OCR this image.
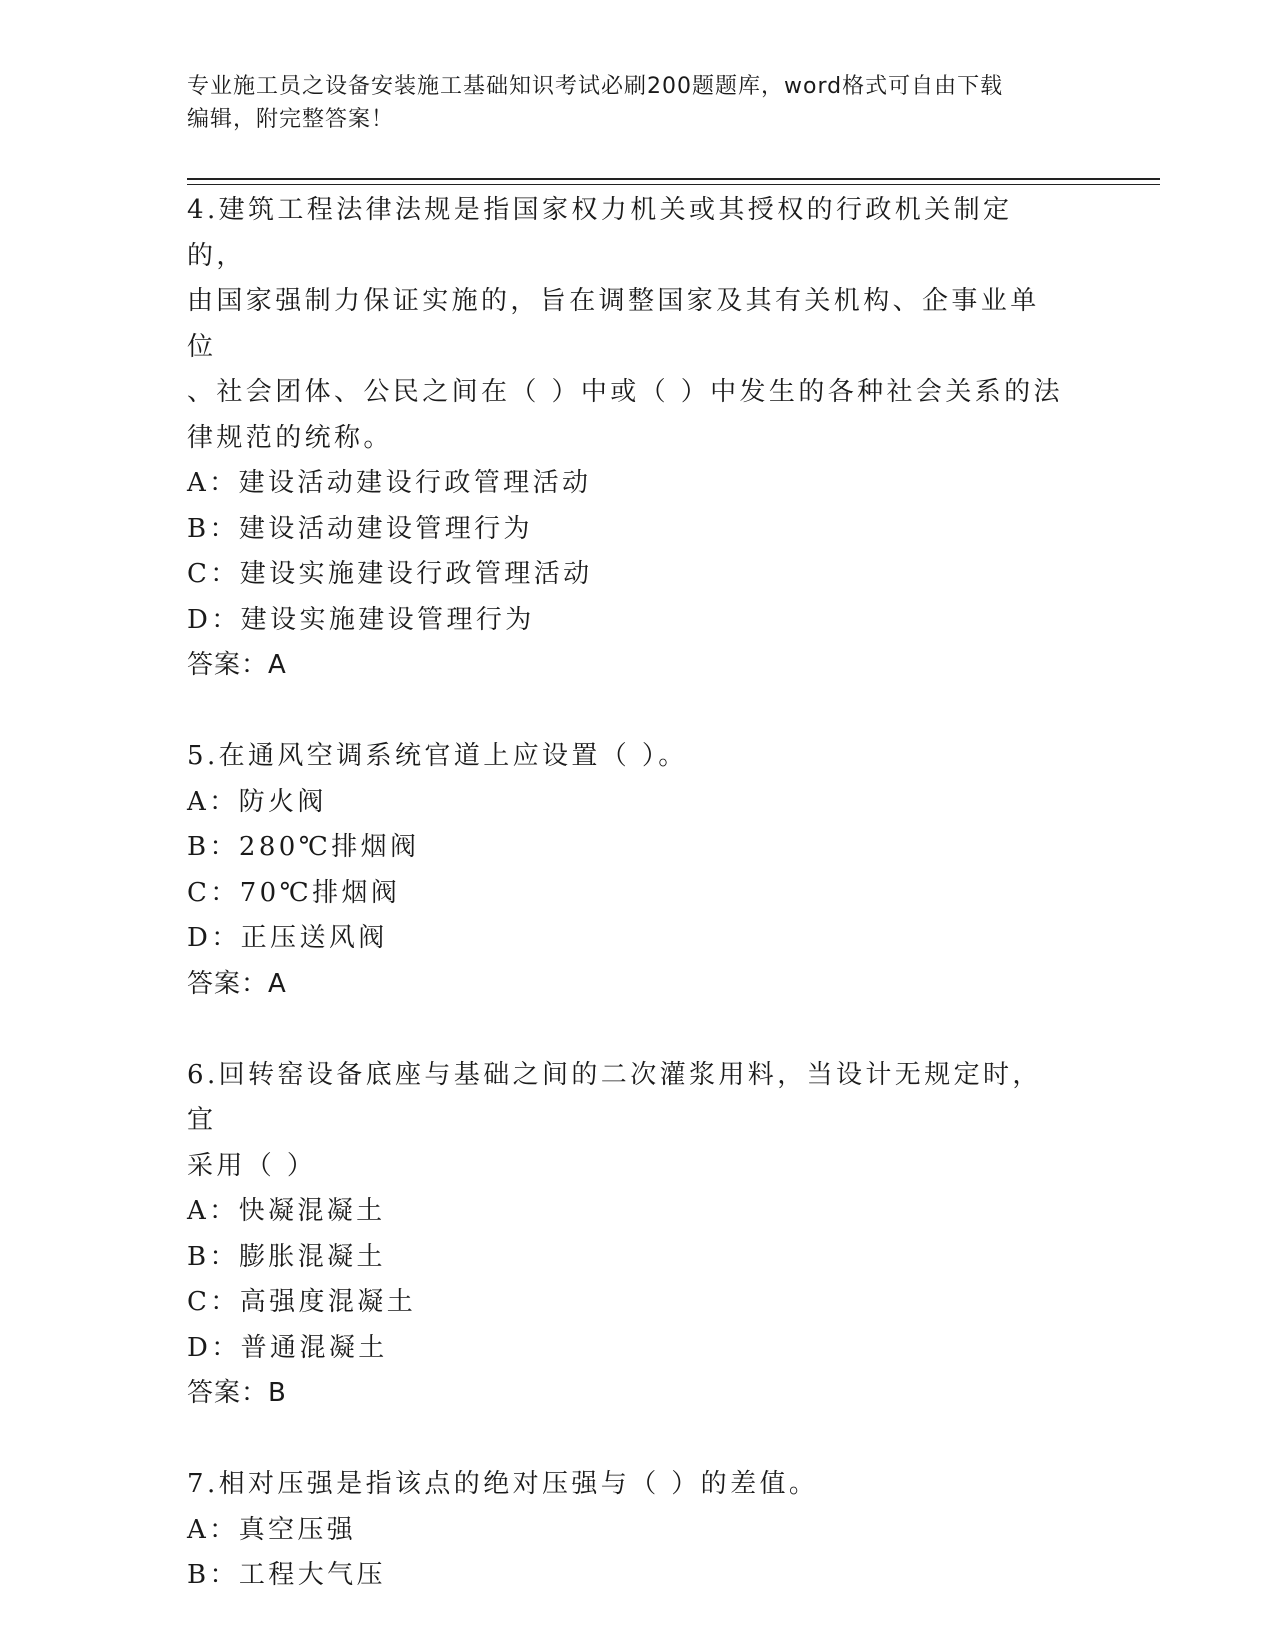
专业施工员之设备安装施工基础知识考试必刷200题题库，word格式可自由下载
编辑，附完整答案！

4.建筑工程法律法规是指国家权力机关或其授权的行政机关制定的，
由国家强制力保证实施的，旨在调整国家及其有关机构、企事业单位
、社会团体、公民之间在（ ）中或（ ）中发生的各种社会关系的法
律规范的统称。

A：建设活动建设行政管理活动

B：建设活动建设管理行为

C：建设实施建设行政管理活动

D：建设实施建设管理行为

答案：A

5.在通风空调系统官道上应设置（ ）。

A：防火阀

B：280℃排烟阀

C：70℃排烟阀

D：正压送风阀

答案：A

6.回转窑设备底座与基础之间的二次灌浆用料，当设计无规定时，宜
采用（ ）

A：快凝混凝土

B：膨胀混凝土

C：高强度混凝土

D：普通混凝土

答案：B

7.相对压强是指该点的绝对压强与（ ）的差值。

A：真空压强

B：工程大气压
